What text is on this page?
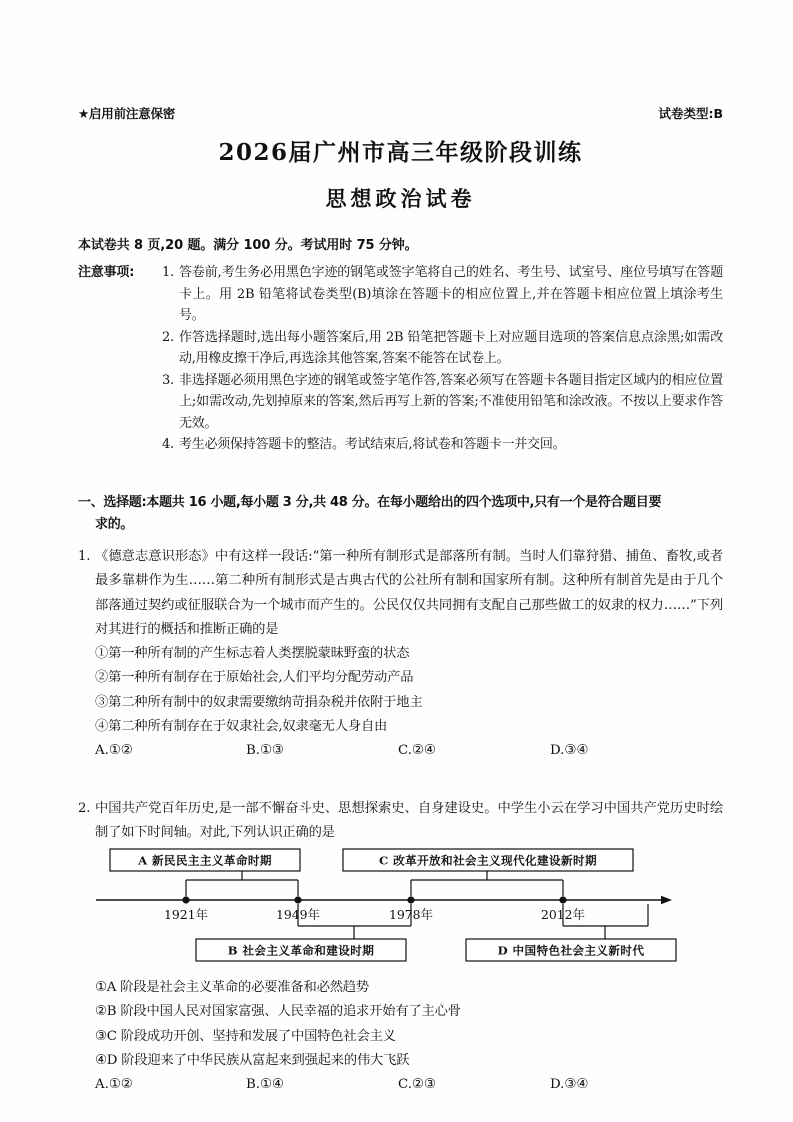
★启用前注意保密	试卷类型:B
2026届广州市高三年级阶段训练
思想政治试卷
本试卷共 8 页,20 题。满分 100 分。考试用时 75 分钟。
注意事项: 1. 答卷前,考生务必用黑色字迹的钢笔或签字笔将自己的姓名、考生号、试室号、座位号填写在答题卡上。用 2B 铅笔将试卷类型(B)填涂在答题卡的相应位置上,并在答题卡相应位置上填涂考生号。
2. 作答选择题时,选出每小题答案后,用 2B 铅笔把答题卡上对应题目选项的答案信息点涂黑;如需改动,用橡皮擦干净后,再选涂其他答案,答案不能答在试卷上。
3. 非选择题必须用黑色字迹的钢笔或签字笔作答,答案必须写在答题卡各题目指定区域内的相应位置上;如需改动,先划掉原来的答案,然后再写上新的答案;不准使用铅笔和涂改液。不按以上要求作答无效。
4. 考生必须保持答题卡的整洁。考试结束后,将试卷和答题卡一并交回。
一、选择题:本题共 16 小题,每小题 3 分,共 48 分。在每小题给出的四个选项中,只有一个是符合题目要
求的。
1. 《德意志意识形态》中有这样一段话:“第一种所有制形式是部落所有制。当时人们靠狩猎、捕鱼、畜牧,或者最多靠耕作为生……第二种所有制形式是古典古代的公社所有制和国家所有制。这种所有制首先是由于几个部落通过契约或征服联合为一个城市而产生的。公民仅仅共同拥有支配自己那些做工的奴隶的权力……”下列对其进行的概括和推断正确的是
①第一种所有制的产生标志着人类摆脱蒙昧野蛮的状态
②第一种所有制存在于原始社会,人们平均分配劳动产品
③第二种所有制中的奴隶需要缴纳苛捐杂税并依附于地主
④第二种所有制存在于奴隶社会,奴隶毫无人身自由
A.①②	B.①③	C.②④	D.③④
2. 中国共产党百年历史,是一部不懈奋斗史、思想探索史、自身建设史。中学生小云在学习中国共产党历史时绘制了如下时间轴。对此,下列认识正确的是
1921年	1949年	1978年	2012年
A 新民民主主义革命时期
B 社会主义革命和建设时期
C 改革开放和社会主义现代化建设新时期
D 中国特色社会主义新时代
①A 阶段是社会主义革命的必要准备和必然趋势
②B 阶段中国人民对国家富强、人民幸福的追求开始有了主心骨
③C 阶段成功开创、坚持和发展了中国特色社会主义
④D 阶段迎来了中华民族从富起来到强起来的伟大飞跃
A.①②	B.①④	C.②③	D.③④
